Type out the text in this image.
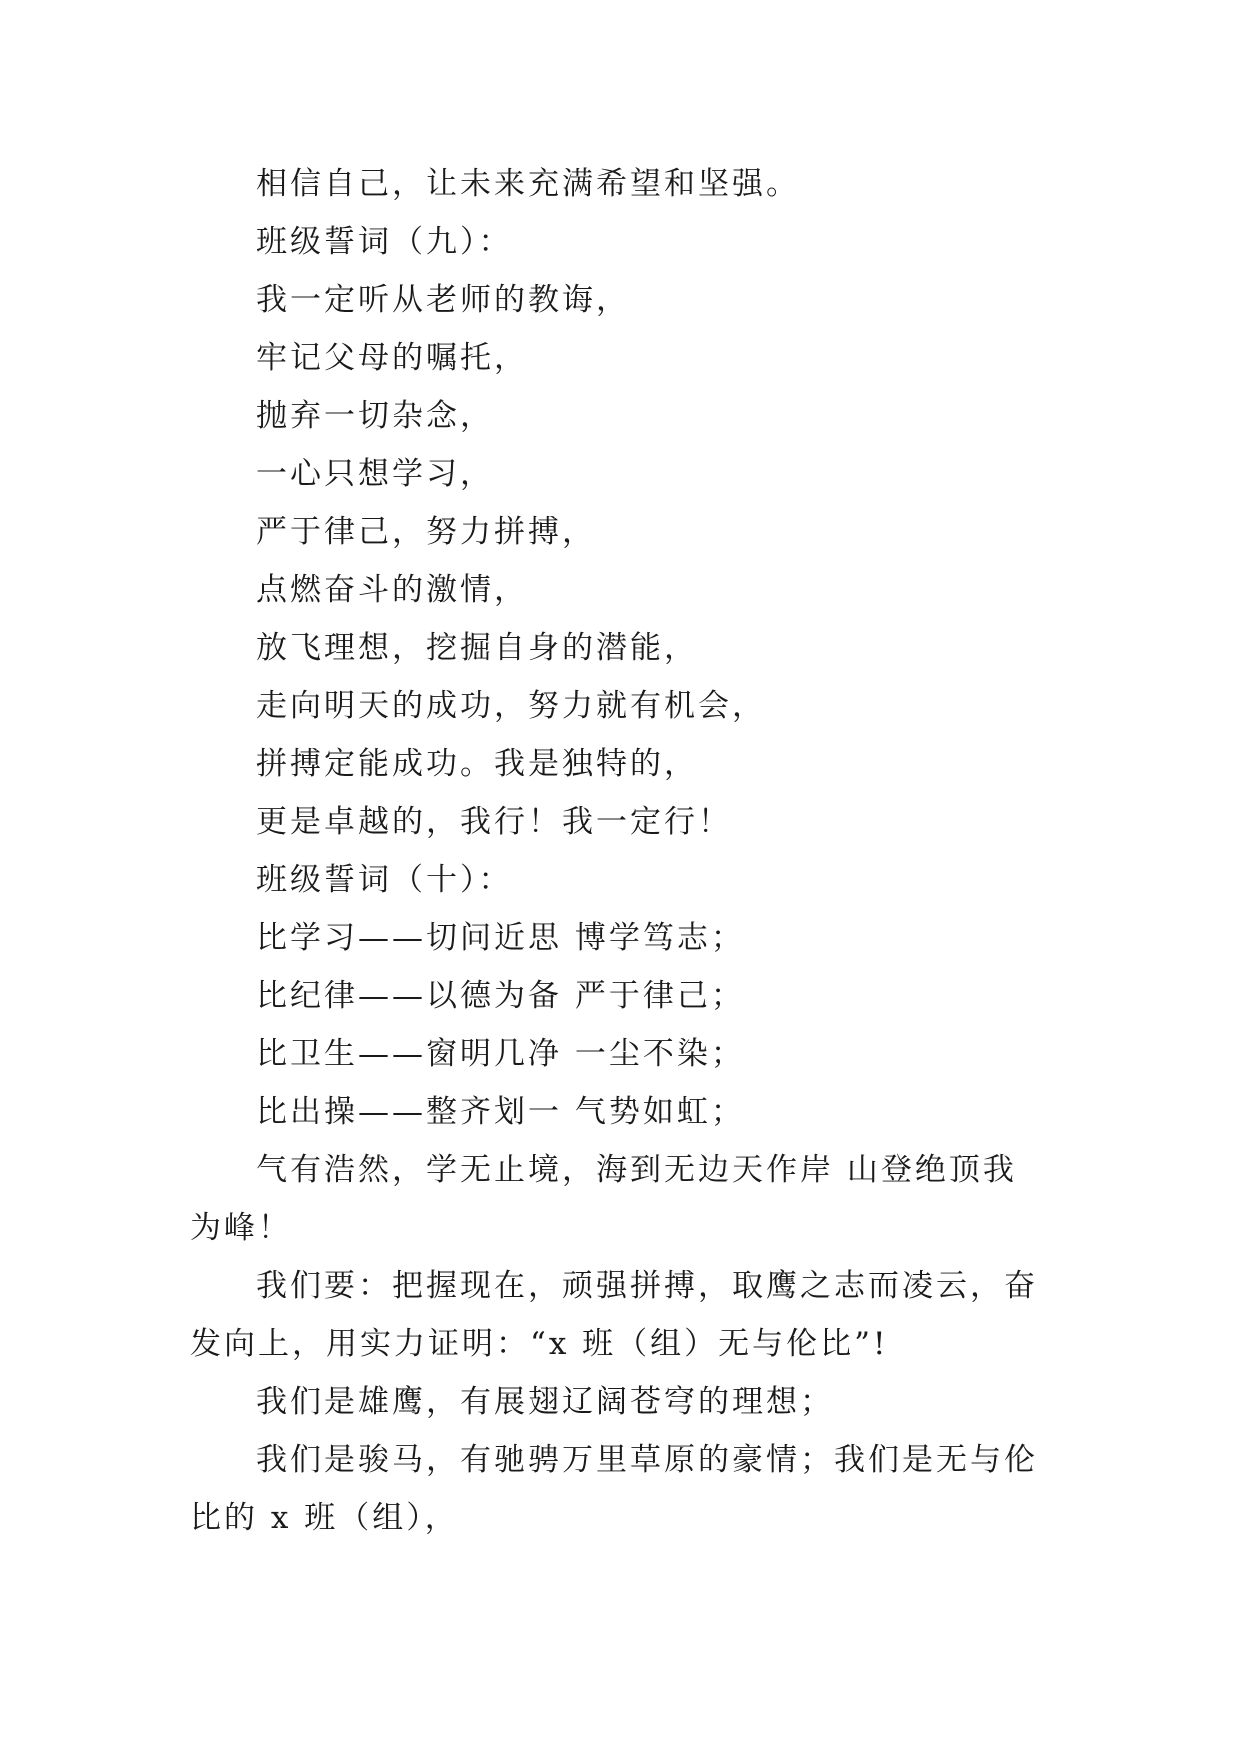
相信自己，让未来充满希望和坚强。

班级誓词（九）：

我一定听从老师的教诲，

牢记父母的嘱托，

抛弃一切杂念，

一心只想学习，

严于律己，努力拼搏，

点燃奋斗的激情，

放飞理想，挖掘自身的潜能，

走向明天的成功，努力就有机会，

拼搏定能成功。我是独特的，

更是卓越的，我行！我一定行！

班级誓词（十）：

比学习——切问近思 博学笃志；

比纪律——以德为备 严于律己；

比卫生——窗明几净 一尘不染；

比出操——整齐划一 气势如虹；

气有浩然，学无止境，海到无边天作岸 山登绝顶我为峰！

我们要：把握现在，顽强拼搏，取鹰之志而凌云，奋发向上，用实力证明：“x 班（组）无与伦比”!

我们是雄鹰，有展翅辽阔苍穹的理想；

我们是骏马，有驰骋万里草原的豪情；我们是无与伦比的 x 班（组），
